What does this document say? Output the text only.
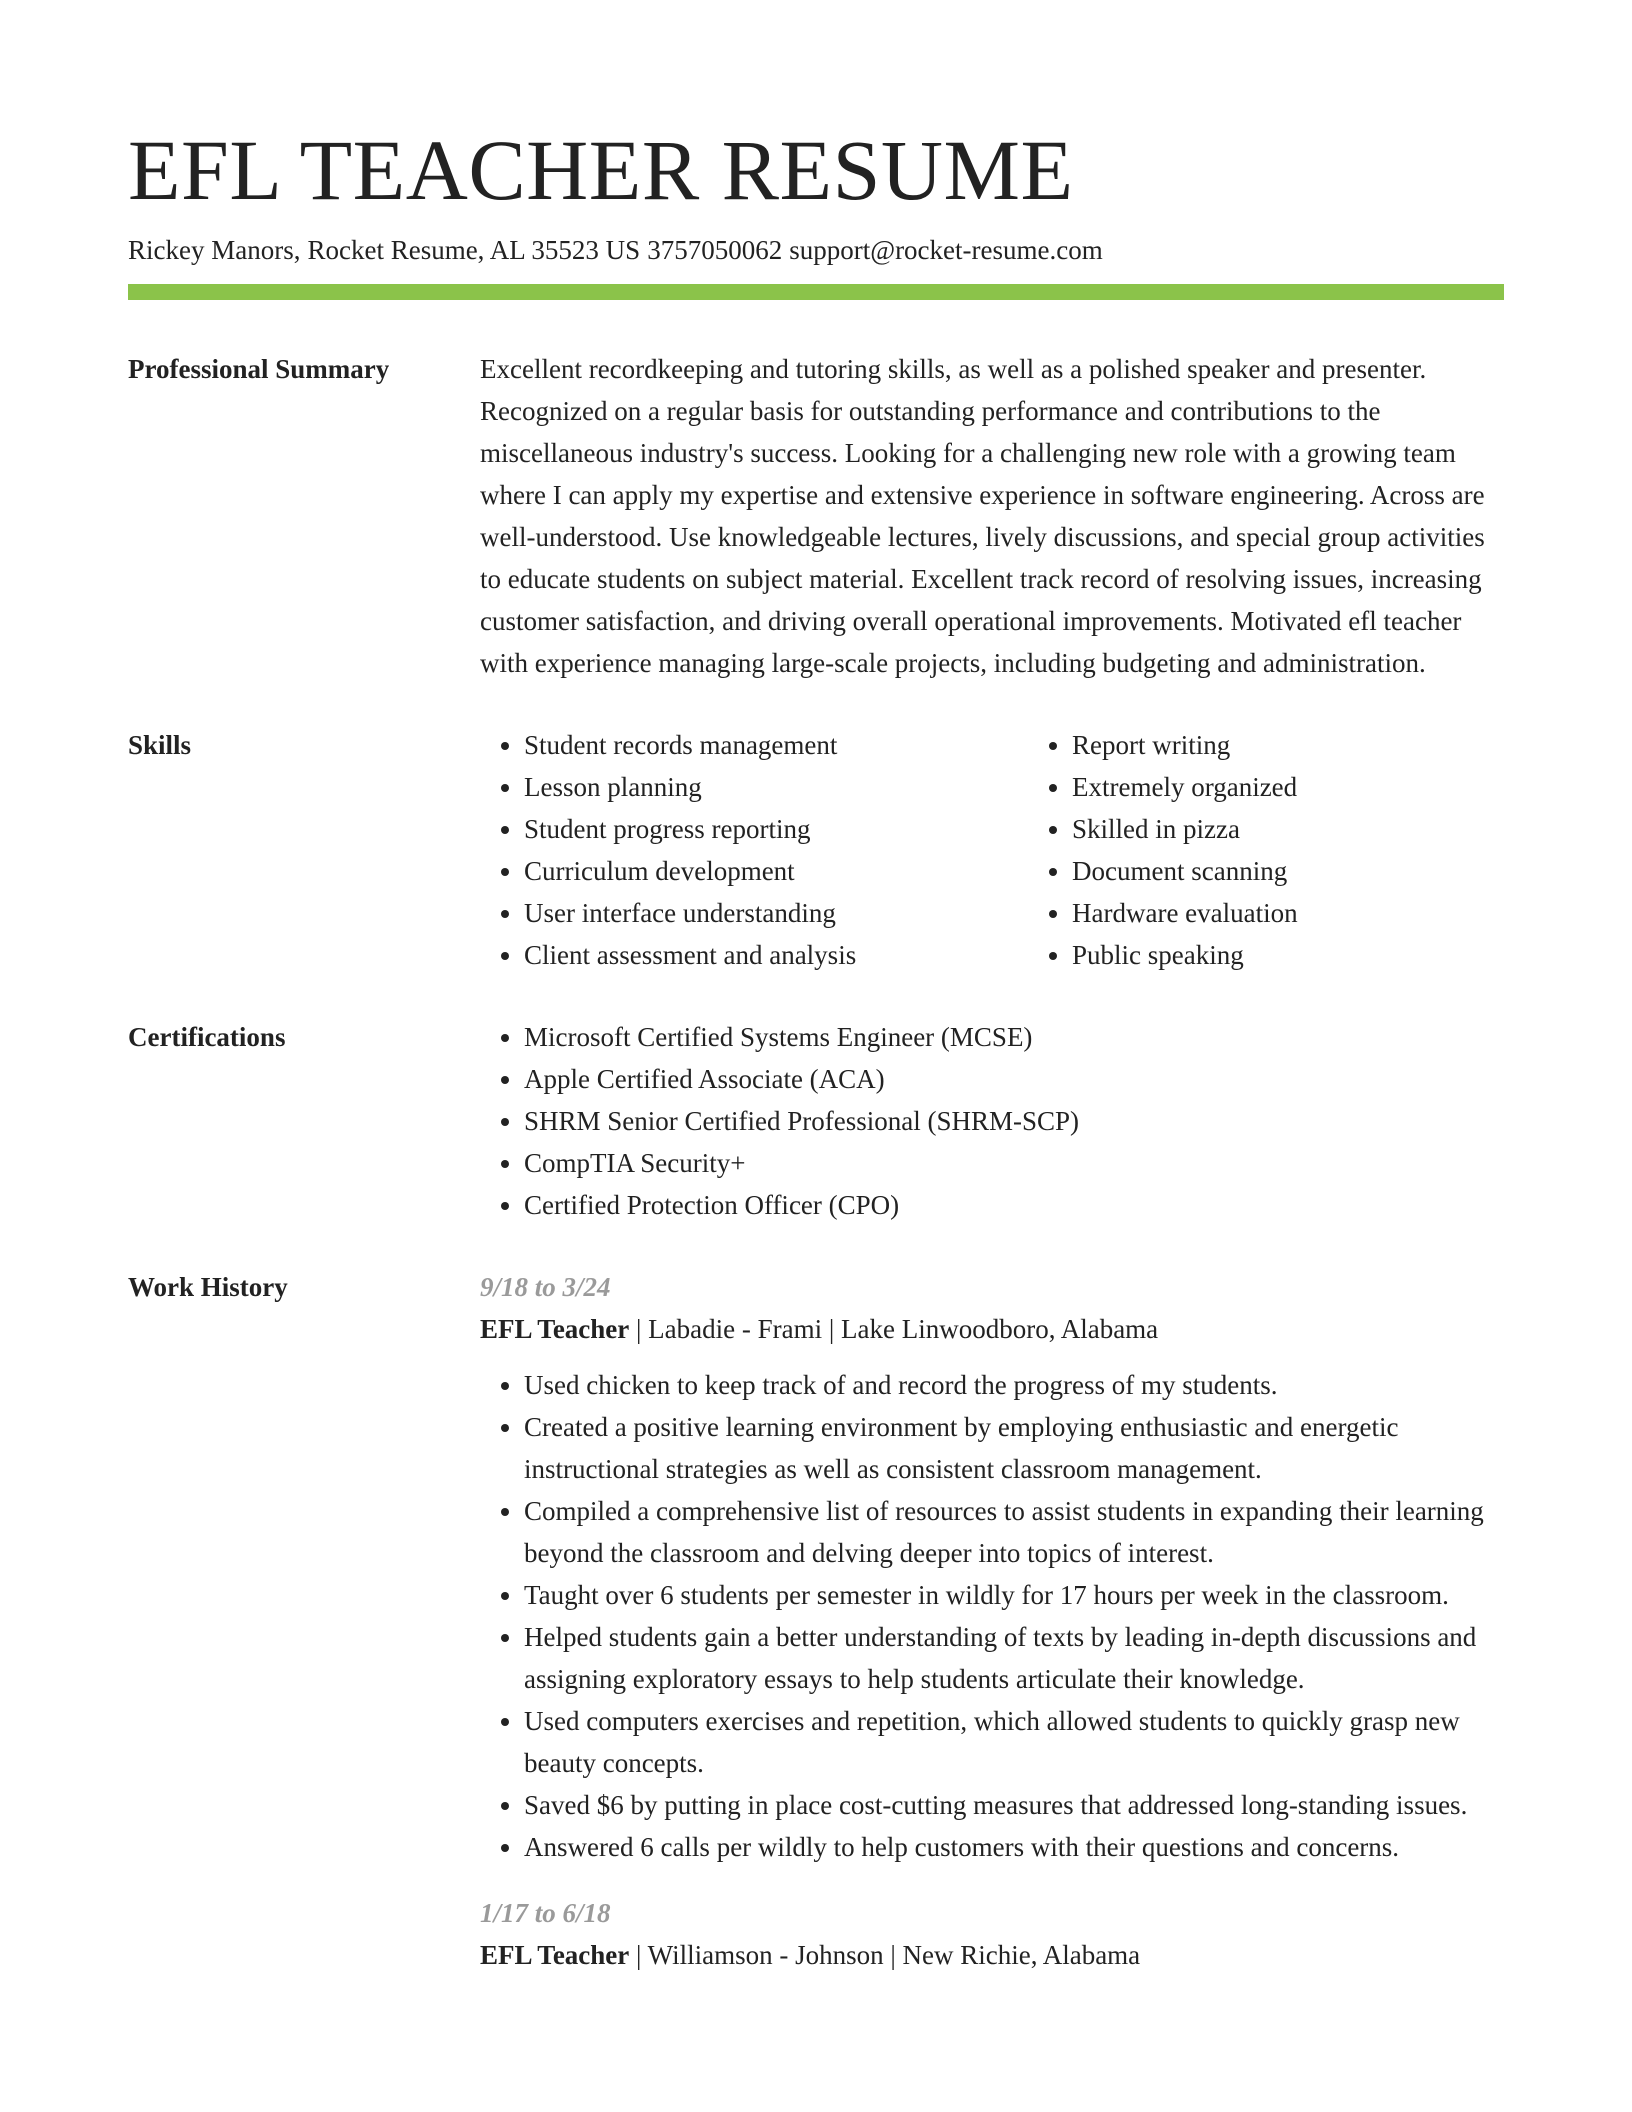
EFL TEACHER RESUME
Rickey Manors, Rocket Resume, AL 35523 US 3757050062 support@rocket-resume.com
Professional Summary	Excellent recordkeeping and tutoring skills, as well as a polished speaker and presenter. Recognized on a regular basis for outstanding performance and contributions to the miscellaneous industry's success. Looking for a challenging new role with a growing team where I can apply my expertise and extensive experience in software engineering. Across are well-understood. Use knowledgeable lectures, lively discussions, and special group activities to educate students on subject material. Excellent track record of resolving issues, increasing customer satisfaction, and driving overall operational improvements. Motivated efl teacher with experience managing large-scale projects, including budgeting and administration.

Skills	• Student records management
• Lesson planning
• Student progress reporting
• Curriculum development
• User interface understanding
• Client assessment and analysis
• Report writing
• Extremely organized
• Skilled in pizza
• Document scanning
• Hardware evaluation
• Public speaking
Certifications	• Microsoft Certified Systems Engineer (MCSE)
• Apple Certified Associate (ACA)
• SHRM Senior Certified Professional (SHRM-SCP)
• CompTIA Security+
• Certified Protection Officer (CPO)
Work History	9/18 to 3/24
EFL Teacher | Labadie - Frami | Lake Linwoodboro, Alabama
• Used chicken to keep track of and record the progress of my students.
• Created a positive learning environment by employing enthusiastic and energetic instructional strategies as well as consistent classroom management.
• Compiled a comprehensive list of resources to assist students in expanding their learning beyond the classroom and delving deeper into topics of interest.
• Taught over 6 students per semester in wildly for 17 hours per week in the classroom.
• Helped students gain a better understanding of texts by leading in-depth discussions and assigning exploratory essays to help students articulate their knowledge.
• Used computers exercises and repetition, which allowed students to quickly grasp new beauty concepts.
• Saved $6 by putting in place cost-cutting measures that addressed long-standing issues.
• Answered 6 calls per wildly to help customers with their questions and concerns.
1/17 to 6/18
EFL Teacher | Williamson - Johnson | New Richie, Alabama
